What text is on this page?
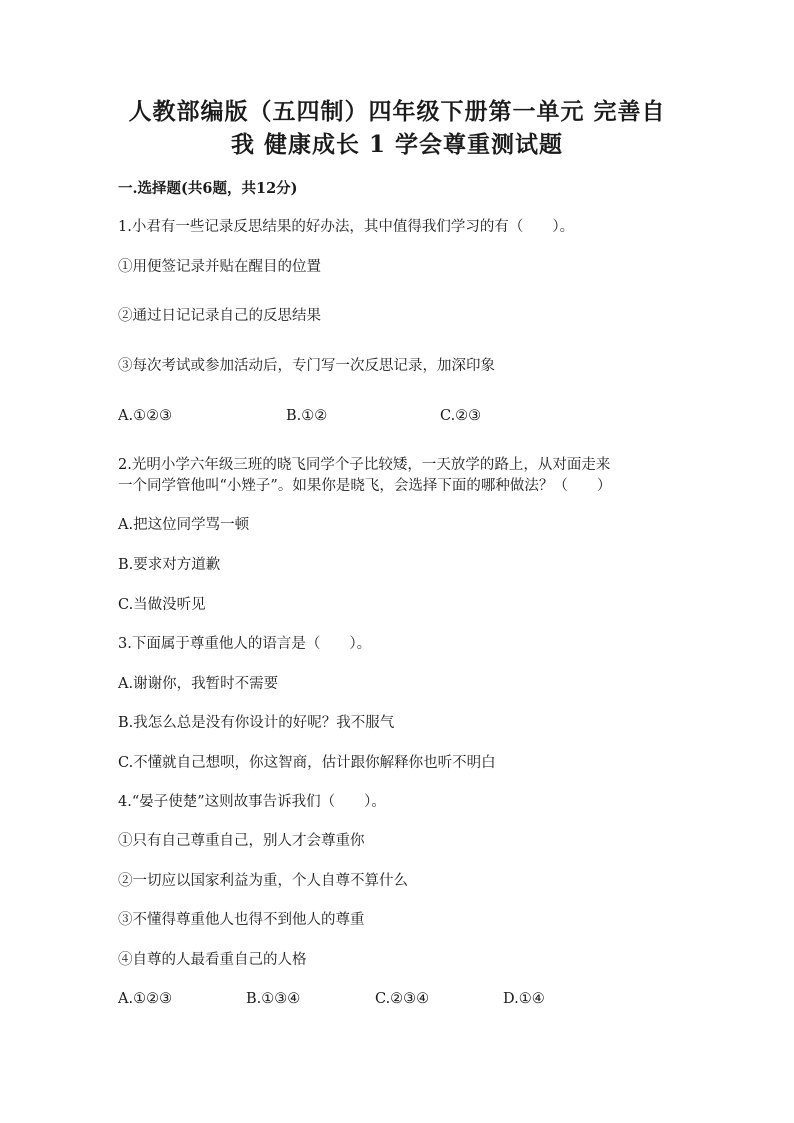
人教部编版（五四制）四年级下册第一单元 完善自
我 健康成长 1 学会尊重测试题
一.选择题(共6题，共12分)
1.小君有一些记录反思结果的好办法，其中值得我们学习的有（　　）。
①用便签记录并贴在醒目的位置
②通过日记记录自己的反思结果
③每次考试或参加活动后，专门写一次反思记录，加深印象
A.①②③	B.①②	C.②③
2.光明小学六年级三班的晓飞同学个子比较矮，一天放学的路上，从对面走来
一个同学管他叫“小矬子”。如果你是晓飞，会选择下面的哪种做法？（　　）
A.把这位同学骂一顿
B.要求对方道歉
C.当做没听见
3.下面属于尊重他人的语言是（　　）。
A.谢谢你，我暂时不需要
B.我怎么总是没有你设计的好呢？我不服气
C.不懂就自己想呗，你这智商，估计跟你解释你也听不明白
4.“晏子使楚”这则故事告诉我们（　　）。
①只有自己尊重自己，别人才会尊重你
②一切应以国家利益为重，个人自尊不算什么
③不懂得尊重他人也得不到他人的尊重
④自尊的人最看重自己的人格
A.①②③	B.①③④	C.②③④	D.①④
